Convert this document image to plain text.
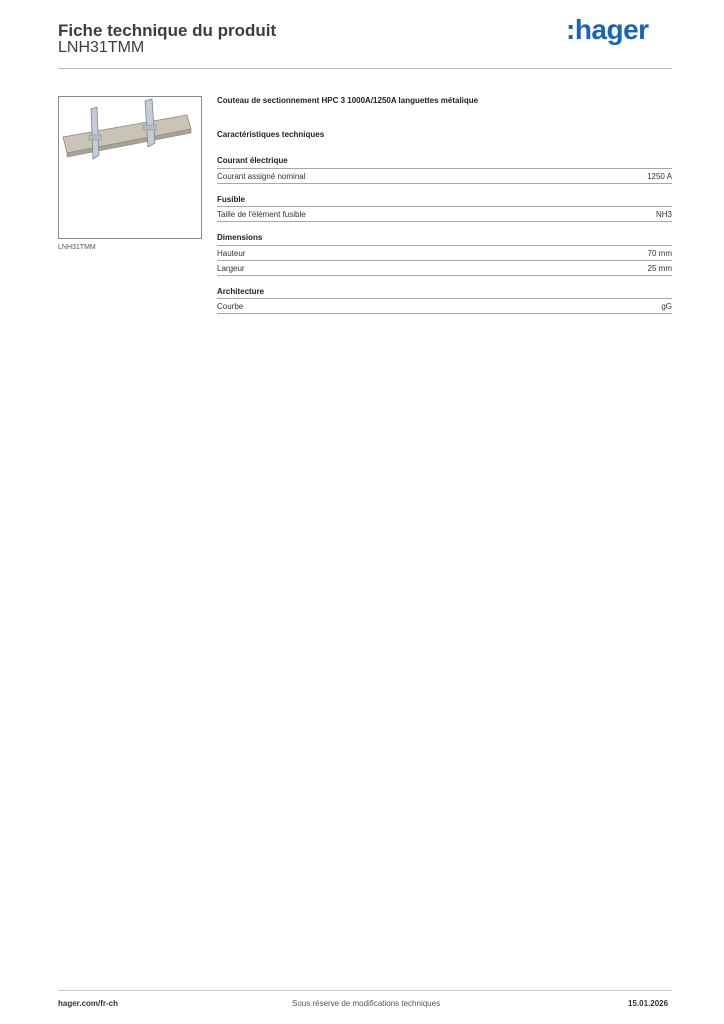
Fiche technique du produit
LNH31TMM
:hager
LNH31TMM
Couteau de sectionnement HPC 3 1000A/1250A languettes métalique
Caractéristiques techniques
Courant électrique
Courant assigné nominal	1250 A
Fusible
Taille de l'élément fusible	NH3
Dimensions
Hauteur	70 mm
Largeur	25 mm
Architecture
Courbe	gG
hager.com/fr-ch	Sous réserve de modifications techniques	15.01.2026
